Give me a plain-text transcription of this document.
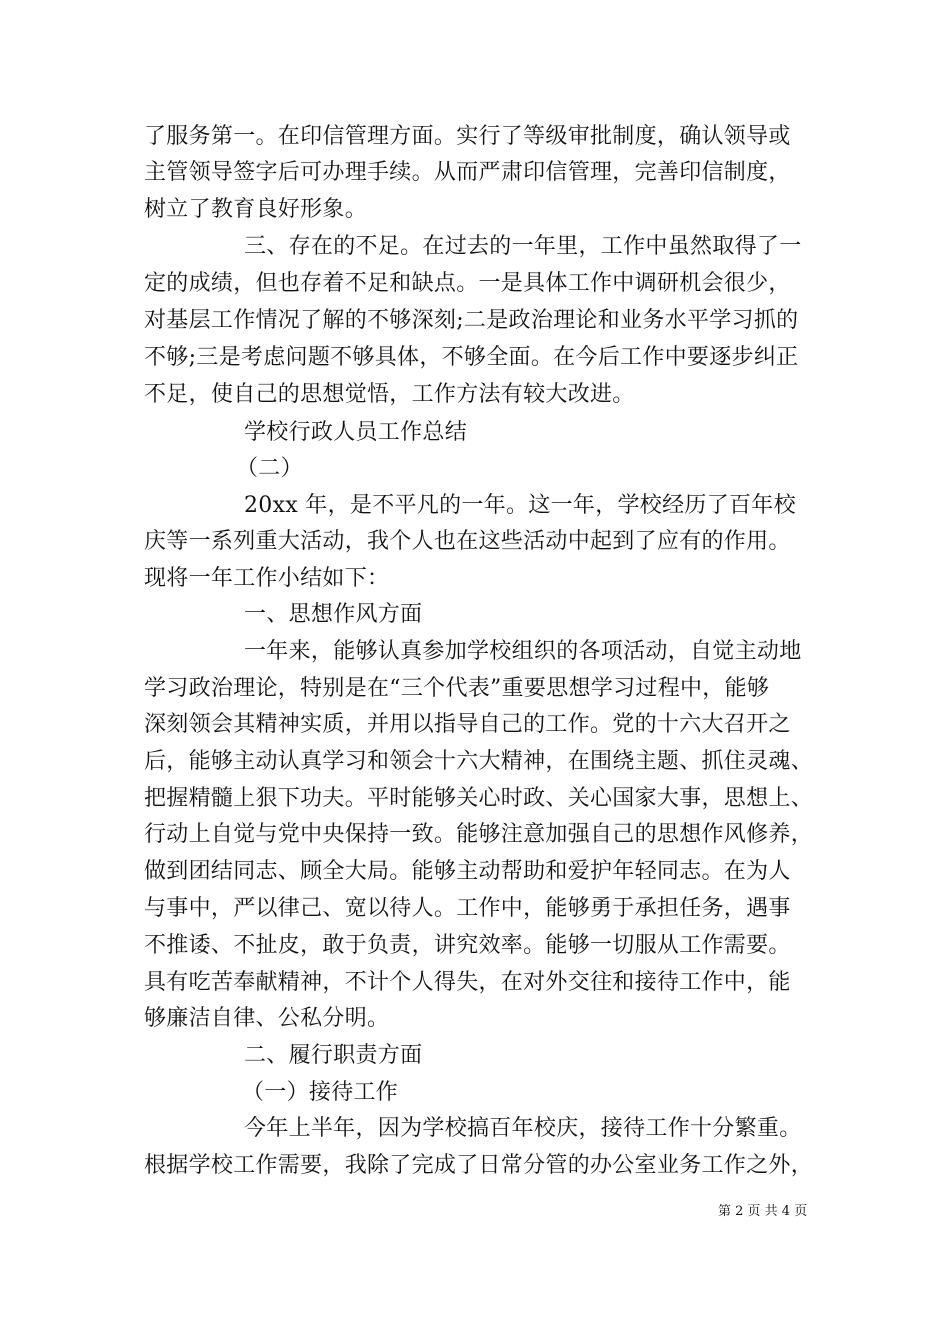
了服务第一。在印信管理方面。实行了等级审批制度，确认领导或
主管领导签字后可办理手续。从而严肃印信管理，完善印信制度，
树立了教育良好形象。
三、存在的不足。在过去的一年里，工作中虽然取得了一
定的成绩，但也存着不足和缺点。一是具体工作中调研机会很少，
对基层工作情况了解的不够深刻;二是政治理论和业务水平学习抓的
不够;三是考虑问题不够具体，不够全面。在今后工作中要逐步纠正
不足，使自己的思想觉悟，工作方法有较大改进。
学校行政人员工作总结
（二）
20xx 年，是不平凡的一年。这一年，学校经历了百年校
庆等一系列重大活动，我个人也在这些活动中起到了应有的作用。
现将一年工作小结如下：
一、思想作风方面
一年来，能够认真参加学校组织的各项活动，自觉主动地
学习政治理论，特别是在“三个代表”重要思想学习过程中，能够
深刻领会其精神实质，并用以指导自己的工作。党的十六大召开之
后，能够主动认真学习和领会十六大精神，在围绕主题、抓住灵魂、
把握精髓上狠下功夫。平时能够关心时政、关心国家大事，思想上、
行动上自觉与党中央保持一致。能够注意加强自己的思想作风修养，
做到团结同志、顾全大局。能够主动帮助和爱护年轻同志。在为人
与事中，严以律己、宽以待人。工作中，能够勇于承担任务，遇事
不推诿、不扯皮，敢于负责，讲究效率。能够一切服从工作需要。
具有吃苦奉献精神，不计个人得失，在对外交往和接待工作中，能
够廉洁自律、公私分明。
二、履行职责方面
（一）接待工作
今年上半年，因为学校搞百年校庆，接待工作十分繁重。
根据学校工作需要，我除了完成了日常分管的办公室业务工作之外，
第 2 页 共 4 页
